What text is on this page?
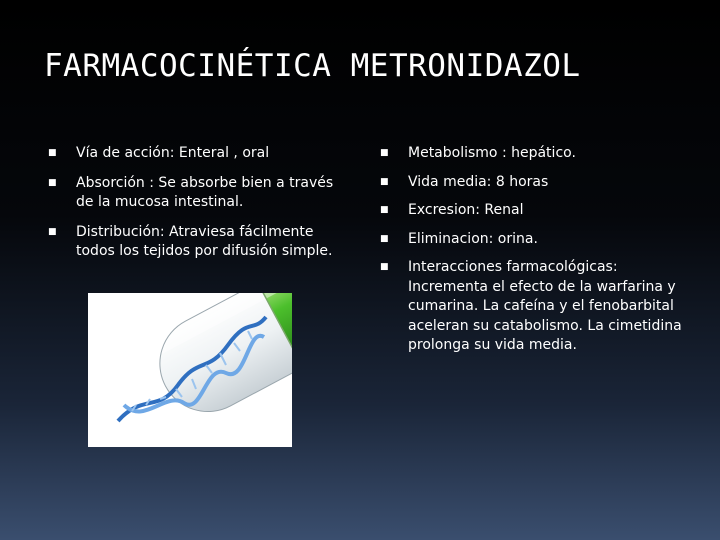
FARMACOCINÉTICA METRONIDAZOL
■ Vía de acción: Enteral , oral
■ Absorción : Se absorbe bien a través de la mucosa intestinal.
■ Distribución: Atraviesa fácilmente todos los tejidos por difusión simple.
■ Metabolismo : hepático.
■ Vida media: 8 horas
■ Excresion: Renal
■ Eliminacion: orina.
■ Interacciones farmacológicas: Incrementa el efecto de la warfarina y cumarina. La cafeína y el fenobarbital aceleran su catabolismo. La cimetidina prolonga su vida media.
